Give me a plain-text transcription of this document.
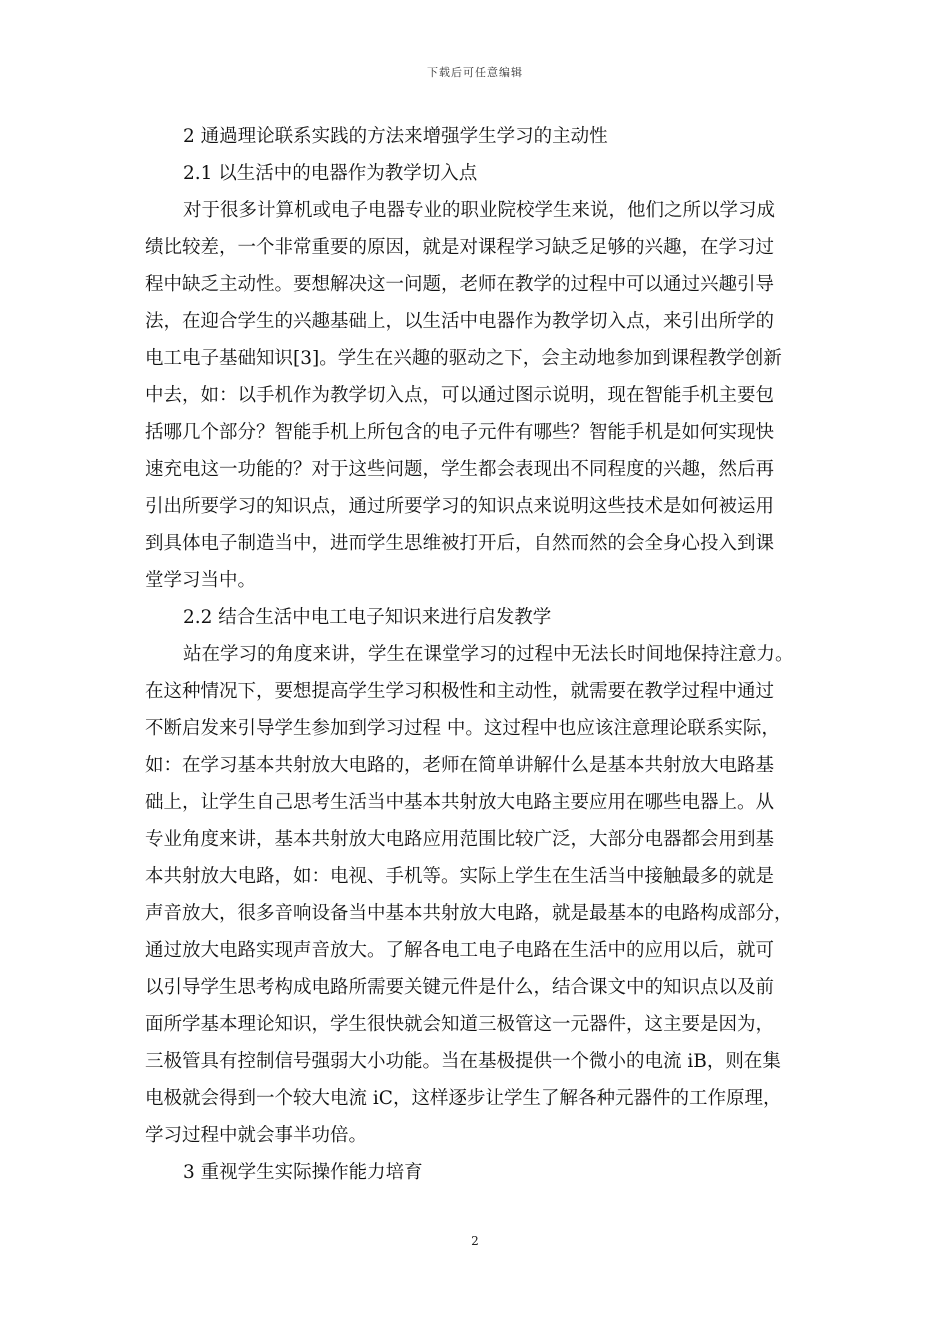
下载后可任意编辑
2 通過理论联系实践的方法来增强学生学习的主动性
2.1 以生活中的电器作为教学切入点

对于很多计算机或电子电器专业的职业院校学生来说，他们之所以学习成
绩比较差，一个非常重要的原因，就是对课程学习缺乏足够的兴趣，在学习过
程中缺乏主动性。要想解决这一问题，老师在教学的过程中可以通过兴趣引导
法，在迎合学生的兴趣基础上，以生活中电器作为教学切入点，来引出所学的
电工电子基础知识[3]。学生在兴趣的驱动之下，会主动地参加到课程教学创新
中去，如：以手机作为教学切入点，可以通过图示说明，现在智能手机主要包
括哪几个部分？智能手机上所包含的电子元件有哪些？智能手机是如何实现快
速充电这一功能的？对于这些问题，学生都会表现出不同程度的兴趣，然后再
引出所要学习的知识点，通过所要学习的知识点来说明这些技术是如何被运用
到具体电子制造当中，进而学生思维被打开后，自然而然的会全身心投入到课
堂学习当中。

2.2 结合生活中电工电子知识来进行启发教学

站在学习的角度来讲，学生在课堂学习的过程中无法长时间地保持注意力。
在这种情况下，要想提高学生学习积极性和主动性，就需要在教学过程中通过
不断启发来引导学生参加到学习过程 中。这过程中也应该注意理论联系实际，
如：在学习基本共射放大电路的，老师在简单讲解什么是基本共射放大电路基
础上，让学生自己思考生活当中基本共射放大电路主要应用在哪些电器上。从
专业角度来讲，基本共射放大电路应用范围比较广泛，大部分电器都会用到基
本共射放大电路，如：电视、手机等。实际上学生在生活当中接触最多的就是
声音放大，很多音响设备当中基本共射放大电路，就是最基本的电路构成部分，
通过放大电路实现声音放大。了解各电工电子电路在生活中的应用以后，就可
以引导学生思考构成电路所需要关键元件是什么，结合课文中的知识点以及前
面所学基本理论知识，学生很快就会知道三极管这一元器件，这主要是因为，
三极管具有控制信号强弱大小功能。当在基极提供一个微小的电流 iB，则在集
电极就会得到一个较大电流 iC，这样逐步让学生了解各种元器件的工作原理，
学习过程中就会事半功倍。

3 重视学生实际操作能力培育
2
